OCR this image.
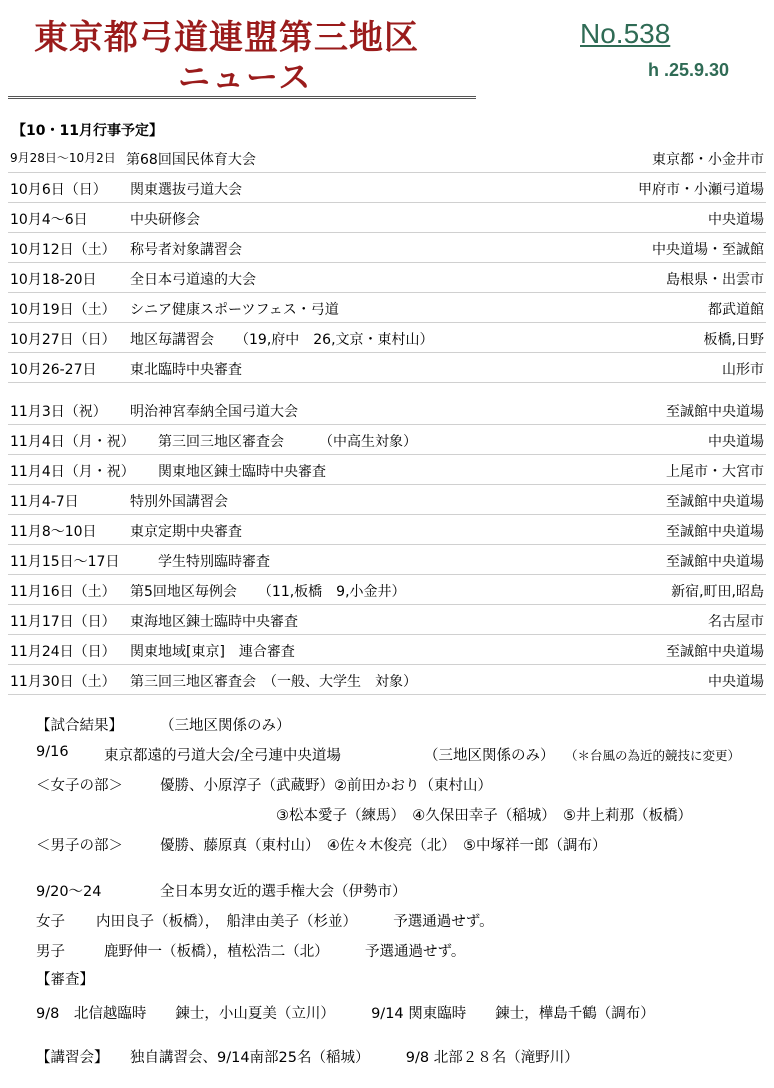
東京都弓道連盟第三地区
ニュース
No.538
h .25.9.30
【10・11月行事予定】
9月28日～10月2日 第68回国民体育大会	東京都・小金井市
10月6日（日） 関東選抜弓道大会	甲府市・小瀬弓道場
10月4～6日	中央研修会	中央道場
10月12日（土） 称号者対象講習会	中央道場・至誠館
10月18-20日 全日本弓道遠的大会	島根県・出雲市
10月19日（土） シニア健康スポーツフェス・弓道	都武道館
10月27日（日） 地区毎講習会　　（19,府中　26,文京・東村山）	板橋,日野
10月26-27日 東北臨時中央審査	山形市
11月3日（祝） 明治神宮奉納全国弓道大会	至誠館中央道場
11月4日（月・祝） 第三回三地区審査会　　　（中高生対象）	中央道場
11月4日（月・祝） 関東地区錬士臨時中央審査	上尾市・大宮市
11月4-7日	特別外国講習会	至誠館中央道場
11月8～10日 東京定期中央審査	至誠館中央道場
11月15日～17日	学生特別臨時審査	至誠館中央道場
11月16日（土） 第5回地区毎例会　　（11,板橋　9,小金井）	新宿,町田,昭島
11月17日（日） 東海地区錬士臨時中央審査	名古屋市
11月24日（日） 関東地域[東京]　連合審査	至誠館中央道場
11月30日（土） 第三回三地区審査会　（一般、大学生　対象）	中央道場
【試合結果】	（三地区関係のみ）
9/16 東京都遠的弓道大会/全弓連中央道場	（三地区関係のみ） （＊台風の為近的競技に変更）
＜女子の部＞	優勝、小原淳子（武蔵野）②前田かおり（東村山）
③松本愛子（練馬）　④久保田幸子（稲城）　⑤井上莉那（板橋）
＜男子の部＞	優勝、藤原真（東村山）　④佐々木俊亮（北）　⑤中塚祥一郎（調布）
9/20～24	全日本男女近的選手権大会（伊勢市）
女子 内田良子（板橋），　船津由美子（杉並）　　　予選通過せず。
男子	鹿野伸一（板橋），植松浩二（北）　　　予選通過せず。
【審査】
9/8　北信越臨時　　錬士，小山夏美（立川）　　　9/14 関東臨時　　錬士，樺島千鶴（調布）
【講習会】 独自講習会、9/14南部25名（稲城）　　　9/8 北部２８名（滝野川）
